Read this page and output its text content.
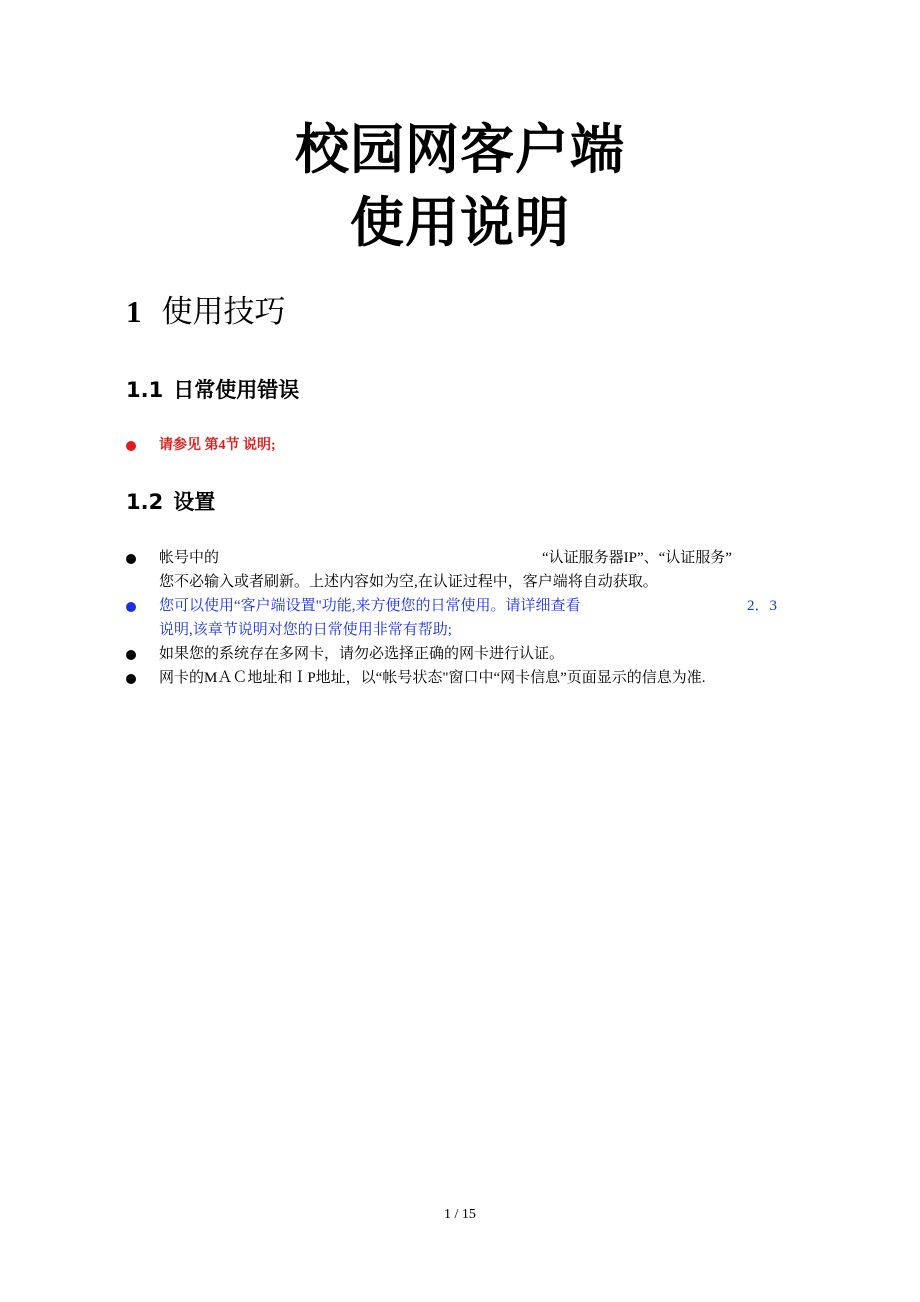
校园网客户端
使用说明
1 使用技巧
1.1 日常使用错误
请参见 第4节 说明;
1.2 设置
帐号中的	“认证服务器IP”、“认证服务”
您不必输入或者刷新。上述内容如为空,在认证过程中，客户端将自动获取。
您可以使用“客户端设置"功能,来方便您的日常使用。请详细查看	2．3
说明,该章节说明对您的日常使用非常有帮助;
如果您的系统存在多网卡，请勿必选择正确的网卡进行认证。
网卡的MＡＣ地址和ＩP地址，以“帐号状态"窗口中“网卡信息”页面显示的信息为准.
1 / 15
